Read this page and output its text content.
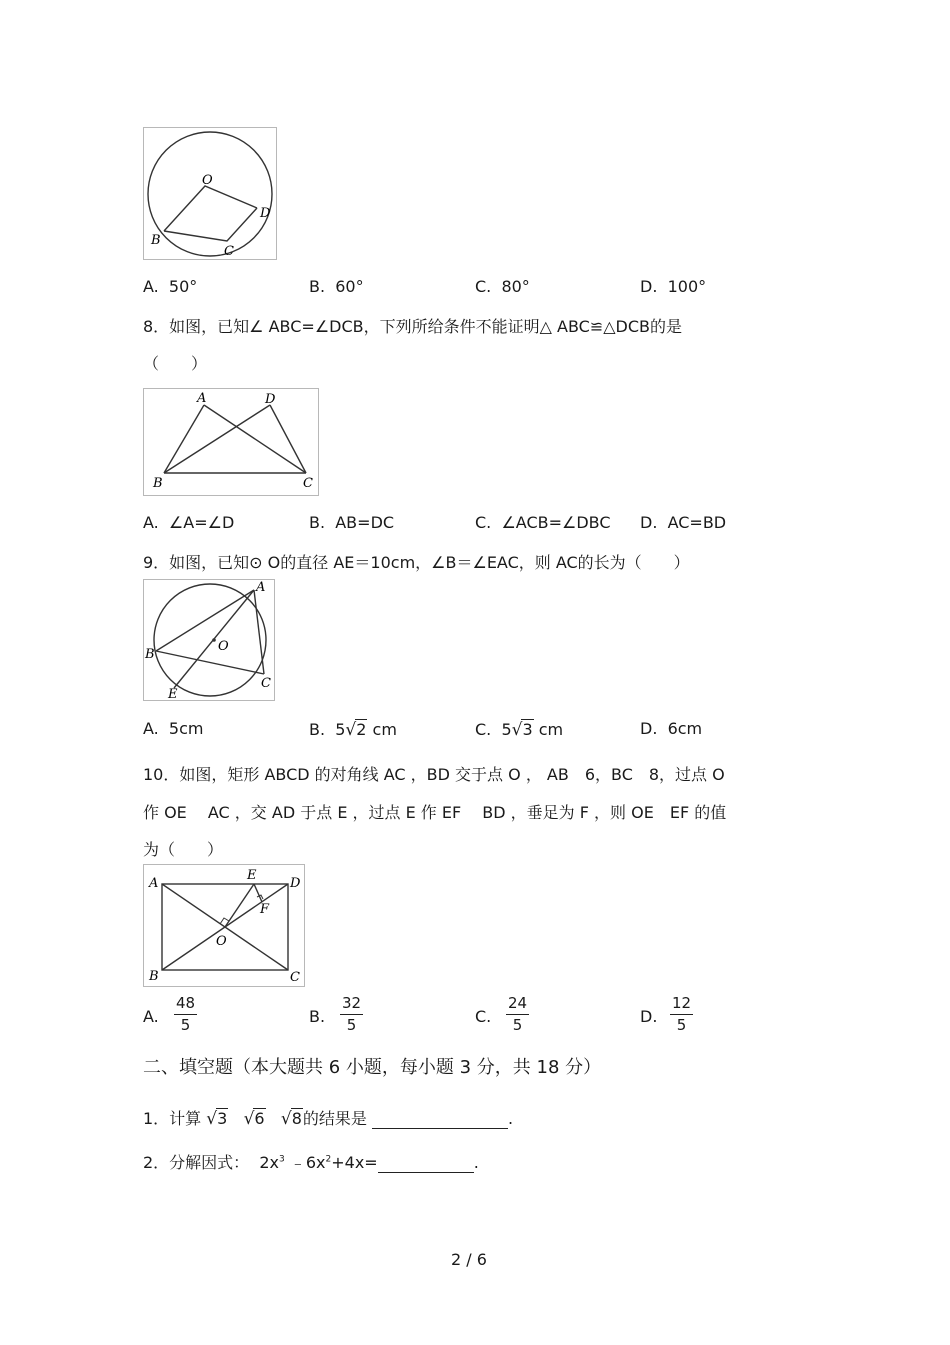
O
B
C
D
A. 50°	B. 60°	C. 80°	D. 100°
8．如图，已知∠ ABC=∠DCB，下列所给条件不能证明△ ABC≌△DCB的是
（　　）
A	D
B	C
A. ∠A=∠D	B. AB=DC	C. ∠ACB=∠DBC D. AC=BD
9．如图，已知⊙ O的直径 AE＝10cm，∠B＝∠EAC，则 AC的长为（　　）
A
O
B
C
E
A. 5cm	B. 5√2 cm	C. 5√3 cm	D. 6cm
10．如图，矩形 ABCD 的对角线 AC ，BD 交于点 O ， AB　6，BC　8，过点 O
作 OE　 AC ，交 AD 于点 E ，过点 E 作 EF　 BD ，垂足为 F ，则 OE　EF 的值
为（　　）
A
E
D
F
O
B	C
A. $\frac{48}{5}$	B. $\frac{32}{5}$	C. $\frac{24}{5}$	D. $\frac{12}{5}$
二、填空题（本大题共 6 小题，每小题 3 分，共 18 分）
1．计算 √3 √6 √8的结果是	.
2．分解因式： $2x^3$ $﹣6x^2+4x=$	.
2 / 6
